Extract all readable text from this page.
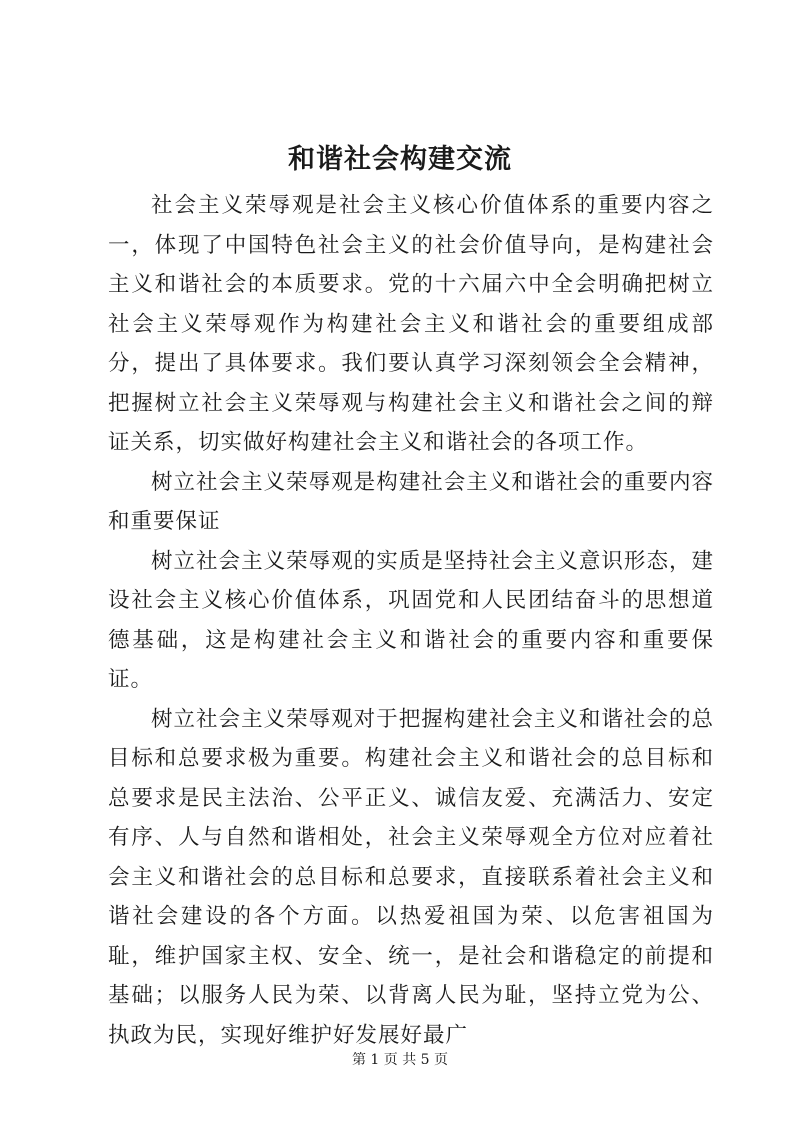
和谐社会构建交流

社会主义荣辱观是社会主义核心价值体系的重要内容之一，体现了中国特色社会主义的社会价值导向，是构建社会主义和谐社会的本质要求。党的十六届六中全会明确把树立社会主义荣辱观作为构建社会主义和谐社会的重要组成部分，提出了具体要求。我们要认真学习深刻领会全会精神，把握树立社会主义荣辱观与构建社会主义和谐社会之间的辩证关系，切实做好构建社会主义和谐社会的各项工作。

树立社会主义荣辱观是构建社会主义和谐社会的重要内容和重要保证

树立社会主义荣辱观的实质是坚持社会主义意识形态，建设社会主义核心价值体系，巩固党和人民团结奋斗的思想道德基础，这是构建社会主义和谐社会的重要内容和重要保证。

树立社会主义荣辱观对于把握构建社会主义和谐社会的总目标和总要求极为重要。构建社会主义和谐社会的总目标和总要求是民主法治、公平正义、诚信友爱、充满活力、安定有序、人与自然和谐相处，社会主义荣辱观全方位对应着社会主义和谐社会的总目标和总要求，直接联系着社会主义和谐社会建设的各个方面。以热爱祖国为荣、以危害祖国为耻，维护国家主权、安全、统一，是社会和谐稳定的前提和基础；以服务人民为荣、以背离人民为耻，坚持立党为公、执政为民，实现好维护好发展好最广

第 1 页 共 5 页
